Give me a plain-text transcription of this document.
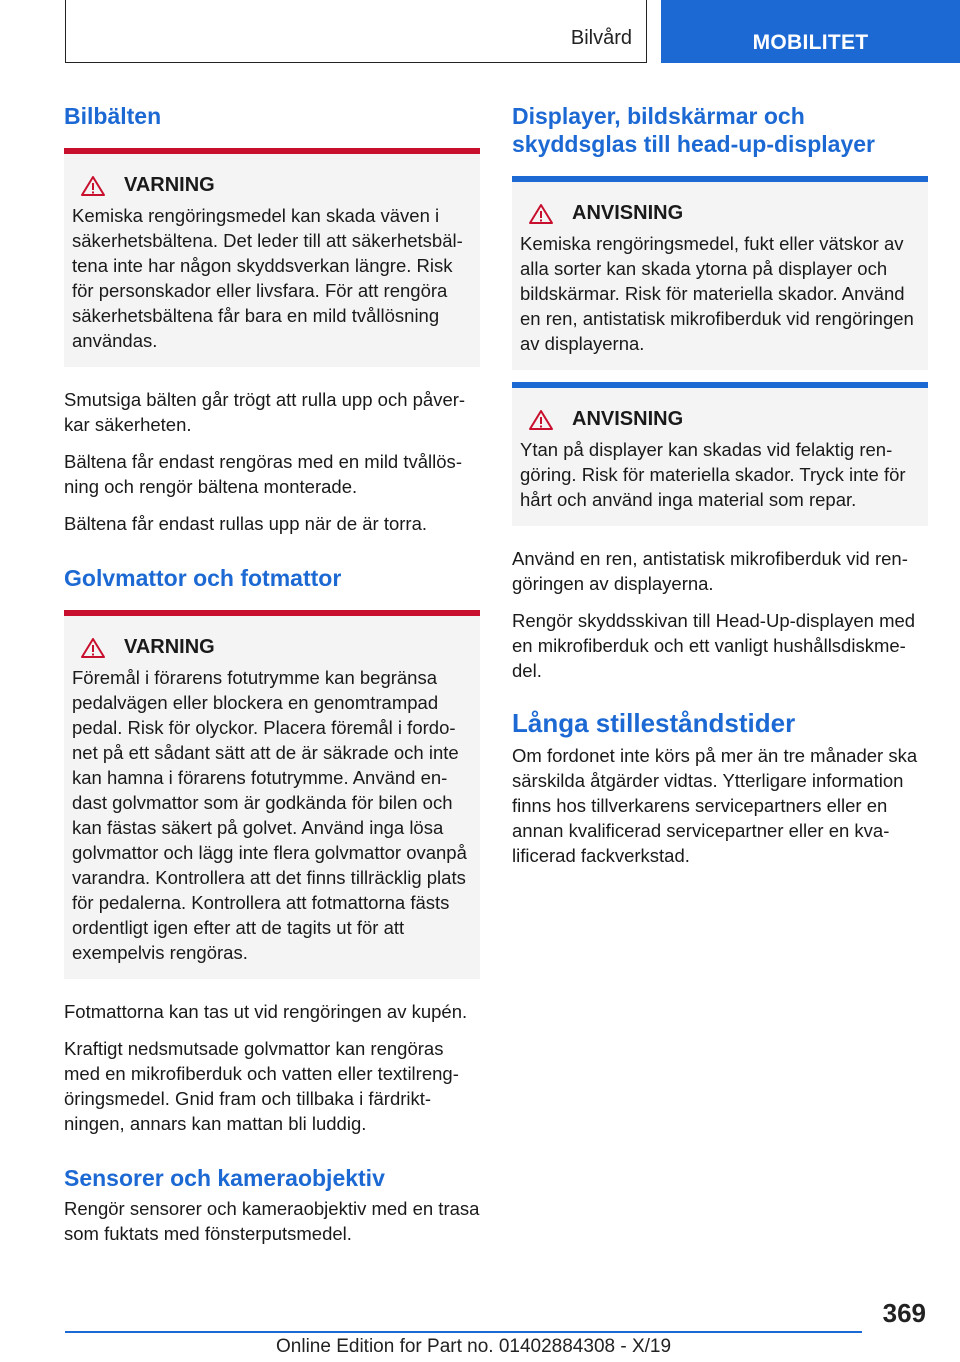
Bilvård	MOBILITET
Bilbälten
VARNING
Kemiska rengöringsmedel kan skada väven i säkerhetsbältena. Det leder till att säkerhetsbältena inte har någon skyddsverkan längre. Risk för personskador eller livsfara. För att rengöra säkerhetsbältena får bara en mild tvållösning användas.

Smutsiga bälten går trögt att rulla upp och påverkar säkerheten.

Bältena får endast rengöras med en mild tvållösning och rengör bältena monterade.

Bältena får endast rullas upp när de är torra.

Golvmattor och fotmattor
VARNING
Föremål i förarens fotutrymme kan begränsa pedalvägen eller blockera en genomtrampad pedal. Risk för olyckor. Placera föremål i fordonet på ett sådant sätt att de är säkrade och inte kan hamna i förarens fotutrymme. Använd endast golvmattor som är godkända för bilen och kan fästas säkert på golvet. Använd inga lösa golvmattor och lägg inte flera golvmattor ovanpå varandra. Kontrollera att det finns tillräcklig plats för pedalerna. Kontrollera att fotmattorna fästs ordentligt igen efter att de tagits ut för att exempelvis rengöras.

Fotmattorna kan tas ut vid rengöringen av kupén.

Kraftigt nedsmutsade golvmattor kan rengöras med en mikrofiberduk och vatten eller textilrengöringsmedel. Gnid fram och tillbaka i färdriktningen, annars kan mattan bli luddig.

Sensorer och kameraobjektiv

Rengör sensorer och kameraobjektiv med en trasa som fuktats med fönsterputsmedel.

Displayer, bildskärmar och skyddsglas till head-up-displayer
ANVISNING
Kemiska rengöringsmedel, fukt eller vätskor av alla sorter kan skada ytorna på displayer och bildskärmar. Risk för materiella skador. Använd en ren, antistatisk mikrofiberduk vid rengöringen av displayerna.
ANVISNING
Ytan på displayer kan skadas vid felaktig rengöring. Risk för materiella skador. Tryck inte för hårt och använd inga material som repar.

Använd en ren, antistatisk mikrofiberduk vid rengöringen av displayerna.

Rengör skyddsskivan till Head-Up-displayen med en mikrofiberduk och ett vanligt hushållsdiskmedel.

Långa stilleståndstider

Om fordonet inte körs på mer än tre månader ska särskilda åtgärder vidtas. Ytterligare information finns hos tillverkarens servicepartners eller en annan kvalificerad servicepartner eller en kvalificerad fackverkstad.

369
Online Edition for Part no. 01402884308 - X/19
